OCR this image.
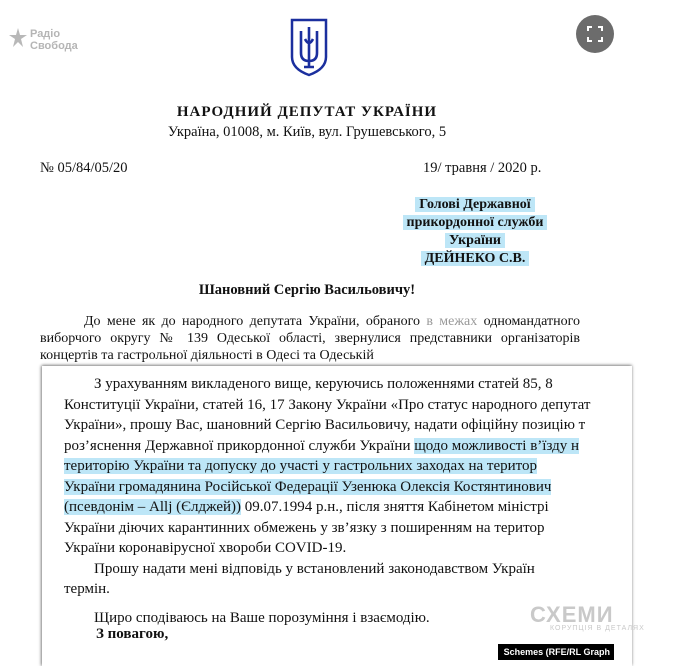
Радіо
Свобода
НАРОДНИЙ ДЕПУТАТ УКРАЇНИ
Україна, 01008, м. Київ, вул. Грушевського, 5
№ 05/84/05/20	19/ травня / 2020 р.
Голові Державної
прикордонної служби
України
ДЕЙНЕКО С.В.
Шановний Сергію Васильовичу!
До мене як до народного депутата України, обраного в межах одномандатного виборчого округу № 139 Одеської області, звернулися представники організаторів концертів та гастрольної діяльності в Одесі та Одеській
З урахуванням викладеного вище, керуючись положеннями статей 85, 8
Конституції України, статей 16, 17 Закону України «Про статус народного депутат
України», прошу Вас, шановний Сергію Васильовичу, надати офіційну позицію т
роз’яснення Державної прикордонної служби України щодо можливості в’їзду н
територію України та допуску до участі у гастрольних заходах на територ
України громадянина Російської Федерації Узенюка Олексія Костянтинович
(псевдонім – Allj (Єлджей)) 09.07.1994 р.н., після зняття Кабінетом міністрі
України діючих карантинних обмежень у зв’язку з поширенням на територ
України коронавірусної хвороби COVID-19.
Прошу надати мені відповідь у встановлений законодавством Україн
термін.
Щиро сподіваюсь на Ваше порозуміння і взаємодію.	СХЕМИ
КОРУПЦІЯ В ДЕТАЛЯХ
З повагою,
Schemes (RFE/RL Graph
